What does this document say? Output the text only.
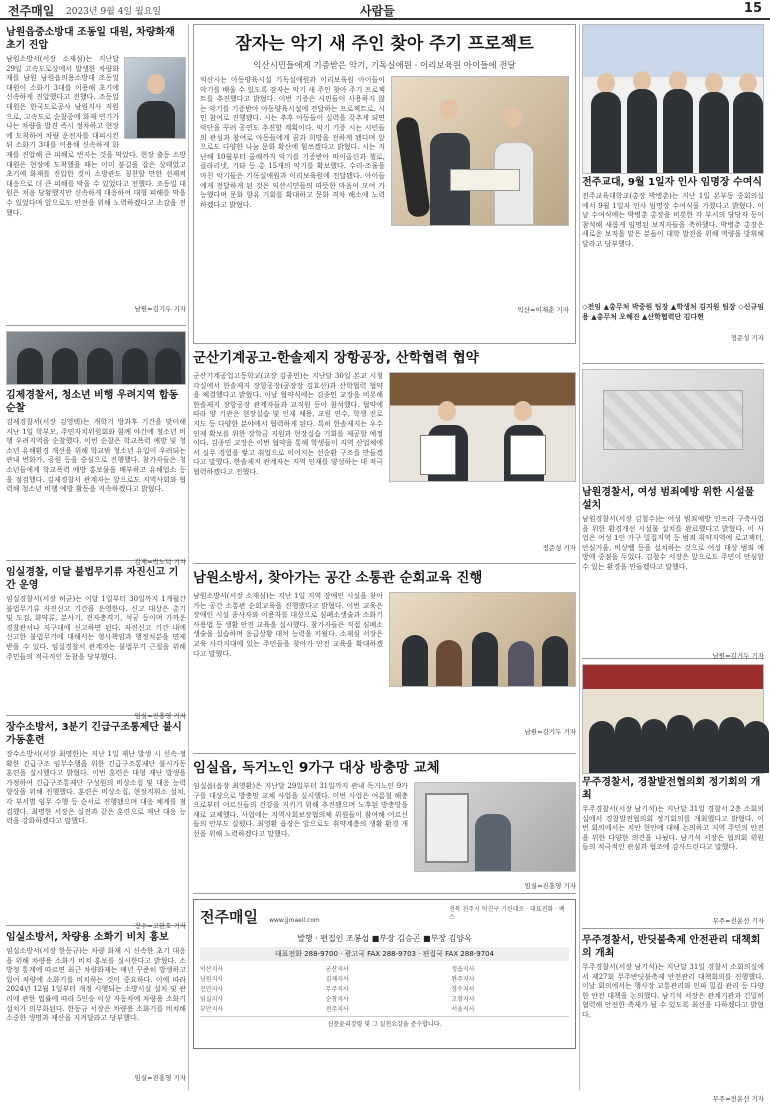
전주매일 2023년 9월 4일 월요일	사람들	15
남원읍중소방대 조동일 대원, 차량화재 초기 진압
남원소방서(서장 소재심)는 지난달 29일 고속도로상에서 발생한 차량화재를 남원 남원읍의용소방대 조동일 대원이 소화기 3대를 이용해 초기에 신속하게 진압했다고 전했다. 조동일 대원은 한국도로공사 남원지사 직원으로, 고속도로 순찰중에 화재 연기가 나는 차량을 발견 즉시 정차하고 현장에 도착하여 차량 운전자를 대피시킨 뒤 소화기 3대를 이용해 신속하게 화재를 진압해 큰 피해로 번지는 것을 막았다. 현장 출동 소방대원은 현장에 도착했을 때는 이미 불길을 잡은 상태였고 초기에 화재를 진압한 것이 소방관도 칭찬할 만한 선제적 대응으로 더 큰 피해를 막을 수 있었다고 전했다. 조동일 대원은 처음 당황했지만 신속하게 대응하여 대형 피해를 막을 수 있었다며 앞으로도 안전을 위해 노력하겠다고 소감을 전했다.
남원=김기두 기자
김제경찰서, 청소년 비행 우려지역 합동순찰
김제경찰서(서장 김영택)는 개학기 방과후 기간을 맞이해 지난 1일 학부모, 주민자치위원회와 함께 야간에 청소년 비행 우려지역을 순찰했다. 이번 순찰은 학교폭력 예방 및 청소년 유해환경 개선을 위해 학교밖 청소년 유입이 우려되는 관내 번화가, 공원 등을 중심으로 진행했다. 참가자들은 청소년들에게 학교폭력 예방 홍보물을 배부하고 유해업소 등을 점검했다. 김제경찰서 관계자는 앞으로도 지역사회와 협력해 청소년 비행 예방 활동을 지속하겠다고 밝혔다.
김제=박노덕 기자
임실경찰, 이달 불법무기류 자진신고 기간 운영
임실경찰서(서장 허균)는 이달 1일부터 30일까지 1개월간 불법무기류 자진신고 기간을 운영한다. 신고 대상은 총기 및 도검, 화약류, 분사기, 전자충격기, 석궁 등이며 가까운 경찰관서나 지구대에 신고하면 된다. 자진신고 기간 내에 신고한 불법무기에 대해서는 형사책임과 행정처분을 면제받을 수 있다. 임실경찰서 관계자는 불법무기 근절을 위해 주민들의 적극적인 동참을 당부했다.
임실=진홍영 기자
장수소방서, 3분기 긴급구조통제단 불시가동훈련
장수소방서(서장 최명한)는 지난 1일 재난 발생 시 신속·정확한 긴급구조 임무수행을 위한 긴급구조통제단 불시가동 훈련을 실시했다고 밝혔다. 이번 훈련은 대형 재난 발생을 가정하여 긴급구조통제단 구성원의 비상소집 및 대응 능력 향상을 위해 진행했다. 훈련은 비상소집, 현장지휘소 설치, 각 부서별 임무 수행 등 순서로 진행됐으며 대응 체계를 점검했다. 최명한 서장은 실전과 같은 훈련으로 재난 대응 능력을 강화하겠다고 말했다.
장수=고완호 기자
임실소방서, 차량용 소화기 비치 홍보
임실소방서(서장 한동규)는 차량 화재 시 신속한 초기 대응을 위해 차량용 소화기 비치 홍보를 실시한다고 밝혔다. 소방청 통계에 따르면 최근 차량화재는 매년 꾸준히 발생하고 있어 차량에 소화기를 비치하는 것이 중요하다. 이에 따라 2024년 12월 1일부터 개정 시행되는 소방시설 설치 및 관리에 관한 법률에 따라 5인승 이상 자동차에 차량용 소화기 설치가 의무화된다. 한동규 서장은 차량용 소화기를 비치해 소중한 생명과 재산을 지켜달라고 당부했다.
임실=진홍영 기자
잠자는 악기 새 주인 찾아 주기 프로젝트
익산시민들에게 기증받은 악기, 기독실애원 · 이리보육원 아이들에 전달
익산시는 아동양육시설 기독실애원과 이리보육원 아이들이 악기를 배울 수 있도록 잠자는 악기 새 주인 찾아 주기 프로젝트를 추진했다고 밝혔다. 이번 기증은 시민들이 사용하지 않는 악기를 기증받아 아동양육시설에 전달하는 프로젝트로, 시민 참여로 진행됐다. 시는 추후 아동들이 실력을 갖추게 되면 악단을 꾸려 공연도 추진할 계획이다. 악기 기증 시는 시민들의 관심과 참여로 아동들에게 꿈과 희망을 전하게 됐다며 앞으로도 다양한 나눔 문화 확산에 힘쓰겠다고 밝혔다. 시는 지난해 10월부터 올해까지 악기를 기증받아 바이올린과 첼로, 클라리넷, 기타 등 총 15개의 악기를 확보했다. 수리·조율을 마친 악기들은 기독실애원과 이리보육원에 전달됐다. 아이들에게 전달하게 된 것은 익산시민들의 따뜻한 마음이 모여 가능했다며 문화 향유 기회를 확대하고 문화 격차 해소에 노력하겠다고 밝혔다.
익산=이재춘 기자
군산기계공고-한솔제지 장항공장, 산학협력 협약
군산기계공업고등학교(교장 김종민)는 지난달 30일 본교 시청각실에서 한솔제지 장항공장(공장장 김효산)과 산학협력 협약을 체결했다고 밝혔다. 이날 협약식에는 김종민 교장을 비롯해 한솔제지 장항공장 관계자들과 교직원 등이 참석했다. 협약에 따라 양 기관은 현장실습 및 인재 채용, 교원 연수, 학생 진로 지도 등 다양한 분야에서 협력하게 된다. 특히 한솔제지는 우수 인재 확보를 위한 장학금 지원과 현장실습 기회를 제공할 예정이다. 김종민 교장은 이번 협약을 통해 학생들이 지역 산업체에서 실무 경험을 쌓고 취업으로 이어지는 선순환 구조를 만들겠다고 말했다. 한솔제지 관계자는 지역 인재를 양성하는 데 적극 협력하겠다고 전했다.
정준성 기자
남원소방서, 찾아가는 공간 소통관 순회교육 진행
남원소방서(서장 소재심)는 지난 1일 지역 장애인 시설을 찾아가는 공간 소통관 순회교육을 진행했다고 밝혔다. 이번 교육은 장애인 시설 종사자와 이용자를 대상으로 심폐소생술과 소화기 사용법 등 생활 안전 교육을 실시했다. 참가자들은 직접 심폐소생술을 실습하며 응급상황 대처 능력을 키웠다. 소재심 서장은 교육 사각지대에 있는 주민들을 찾아가 안전 교육을 확대하겠다고 말했다.
남원=김기두 기자
임실읍, 독거노인 9가구 대상 방충망 교체
임실읍(읍장 최영환)은 지난달 29일부터 31일까지 관내 독거노인 9가구를 대상으로 방충망 교체 사업을 실시했다. 이번 사업은 여름철 해충으로부터 어르신들의 건강을 지키기 위해 추진됐으며 노후된 방충망을 새로 교체했다. 사업에는 지역사회보장협의체 위원들이 참여해 어르신들의 안부도 살폈다. 최영환 읍장은 앞으로도 취약계층의 생활 환경 개선을 위해 노력하겠다고 말했다.
임실=진홍영 기자
전주매일 www.jjmaeil.com
전북 전주시 덕진구 기린대로 · 대표전화 · 팩스
발행 · 편집인 조봉섭 ■부장 김승곤 ■부장 김양옥
대표전화 288-9700 · 광고국 FAX 288-9703 · 편집국 FAX 288-9704
익산지사	군산지사	정읍지사
남원지사	김제지사	완주지사
진안지사	무주지사	장수지사
임실지사	순창지사	고창지사
부안지사	전주지사	서울지사
신문윤리강령 및 그 실천요강을 준수합니다.
전주교대, 9월 1일자 인사 임명장 수여식
전주교육대학교(총장 박병춘)는 지난 1일 본부동 중회의실에서 9월 1일자 인사 임명장 수여식을 가졌다고 밝혔다. 이날 수여식에는 박병춘 총장을 비롯한 각 부서의 담당자 등이 참석해 새롭게 임명된 보직자들을 축하했다. 박병춘 총장은 새로운 보직을 맡은 분들이 대학 발전을 위해 역량을 발휘해 달라고 당부했다.
◇전임 ▲총무처 박중원 팀장 ▲학생처 김지원 팀장 ◇신규임용 ▲총무처 오혜진 ▲산학협력단 김다현
정준성 기자
남원경찰서, 여성 범죄예방 위한 시설물 설치
남원경찰서(서장 김철수)는 여성 범죄예방 인프라 구축사업을 위한 환경개선 시설물 설치를 완료했다고 밝혔다. 이 사업은 여성 1인 가구 밀집지역 등 범죄 취약지역에 로고젝터, 안심거울, 비상벨 등을 설치하는 것으로 여성 대상 범죄 예방에 중점을 두었다. 김철수 서장은 앞으로도 주민이 안심할 수 있는 환경을 만들겠다고 말했다.
남원=김기두 기자
무주경찰서, 경찰발전협의회 정기회의 개최
무주경찰서(서장 남기석)는 지난달 31일 경찰서 2층 소회의실에서 경찰발전협의회 정기회의를 개최했다고 밝혔다. 이번 회의에서는 치안 현안에 대해 논의하고 지역 주민의 안전을 위한 다양한 의견을 나눴다. 남기석 서장은 협의회 위원들의 적극적인 관심과 협조에 감사드린다고 말했다.
무주=전운선 기자
무주경찰서, 반딧불축제 안전관리 대책회의 개최
무주경찰서(서장 남기석)는 지난달 31일 경찰서 소회의실에서 제27회 무주반딧불축제 안전관리 대책회의를 진행했다. 이날 회의에서는 행사장 교통관리와 인파 밀집 관리 등 다양한 안전 대책을 논의했다. 남기석 서장은 관계기관과 긴밀히 협력해 안전한 축제가 될 수 있도록 최선을 다하겠다고 밝혔다.
무주=전운선 기자
